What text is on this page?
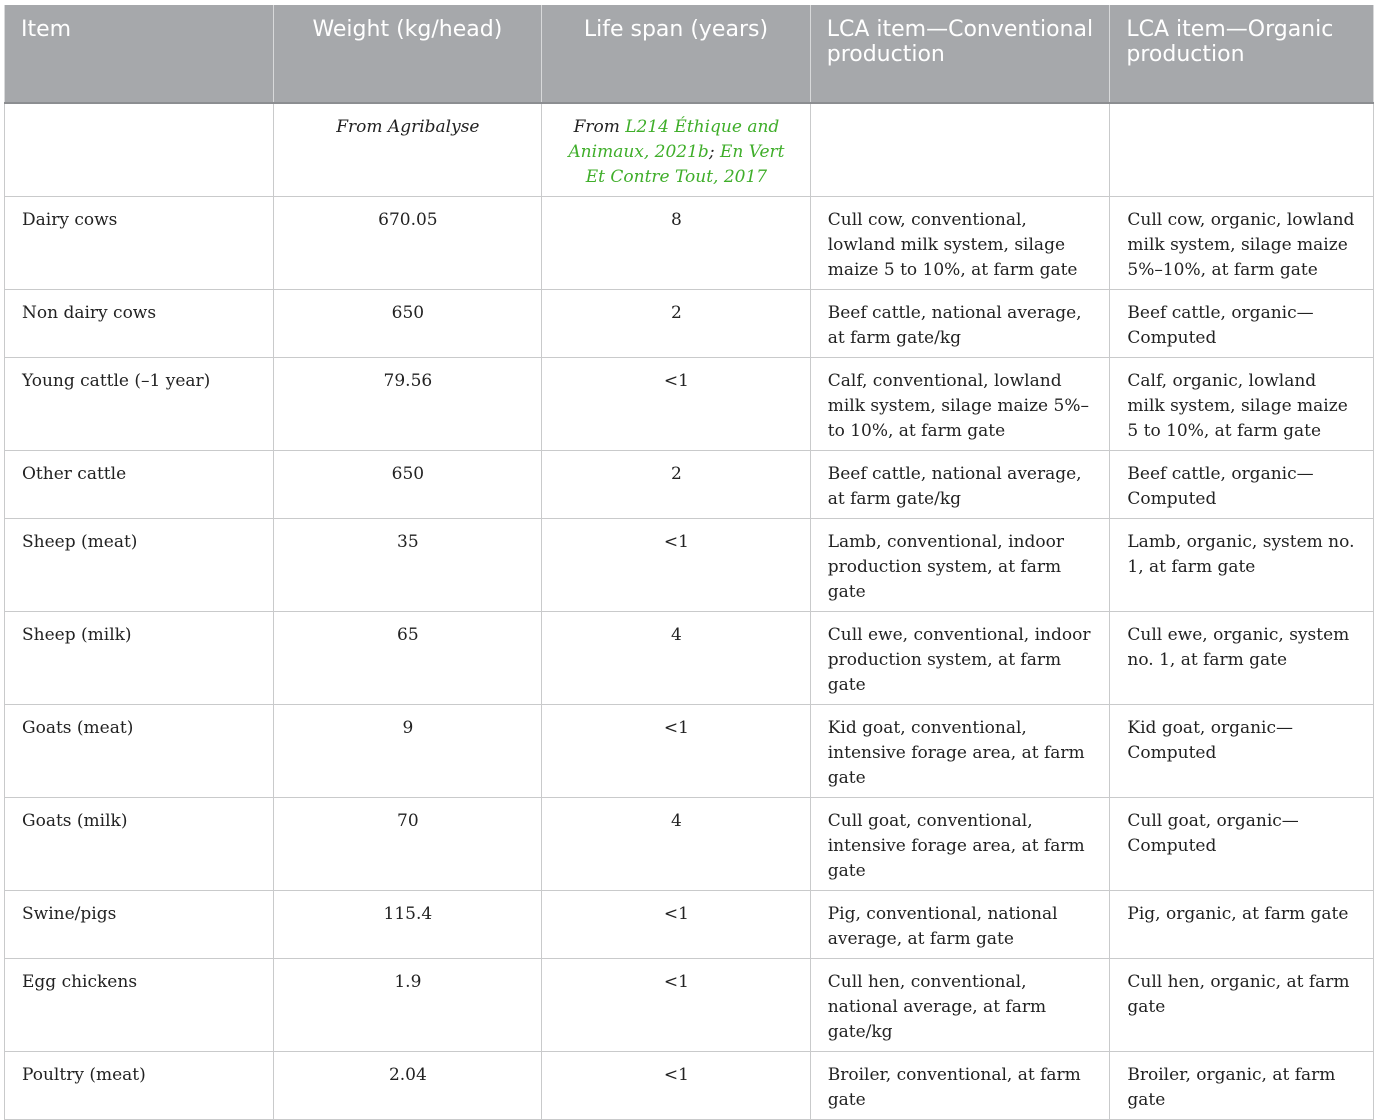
Item	Weight (kg/head)	Life span (years)	LCA item—Conventional production	LCA item—Organic production
	From Agribalyse	From L214 Éthique and Animaux, 2021b; En Vert Et Contre Tout, 2017		
Dairy cows	670.05	8	Cull cow, conventional, lowland milk system, silage maize 5 to 10%, at farm gate	Cull cow, organic, lowland milk system, silage maize 5%–10%, at farm gate
Non dairy cows	650	2	Beef cattle, national average, at farm gate/kg	Beef cattle, organic—Computed
Young cattle (–1 year)	79.56	<1	Calf, conventional, lowland milk system, silage maize 5%–to 10%, at farm gate	Calf, organic, lowland milk system, silage maize 5 to 10%, at farm gate
Other cattle	650	2	Beef cattle, national average, at farm gate/kg	Beef cattle, organic—Computed
Sheep (meat)	35	<1	Lamb, conventional, indoor production system, at farm gate	Lamb, organic, system no. 1, at farm gate
Sheep (milk)	65	4	Cull ewe, conventional, indoor production system, at farm gate	Cull ewe, organic, system no. 1, at farm gate
Goats (meat)	9	<1	Kid goat, conventional, intensive forage area, at farm gate	Kid goat, organic—Computed
Goats (milk)	70	4	Cull goat, conventional, intensive forage area, at farm gate	Cull goat, organic—Computed
Swine/pigs	115.4	<1	Pig, conventional, national average, at farm gate	Pig, organic, at farm gate
Egg chickens	1.9	<1	Cull hen, conventional, national average, at farm gate/kg	Cull hen, organic, at farm gate
Poultry (meat)	2.04	<1	Broiler, conventional, at farm gate	Broiler, organic, at farm gate
